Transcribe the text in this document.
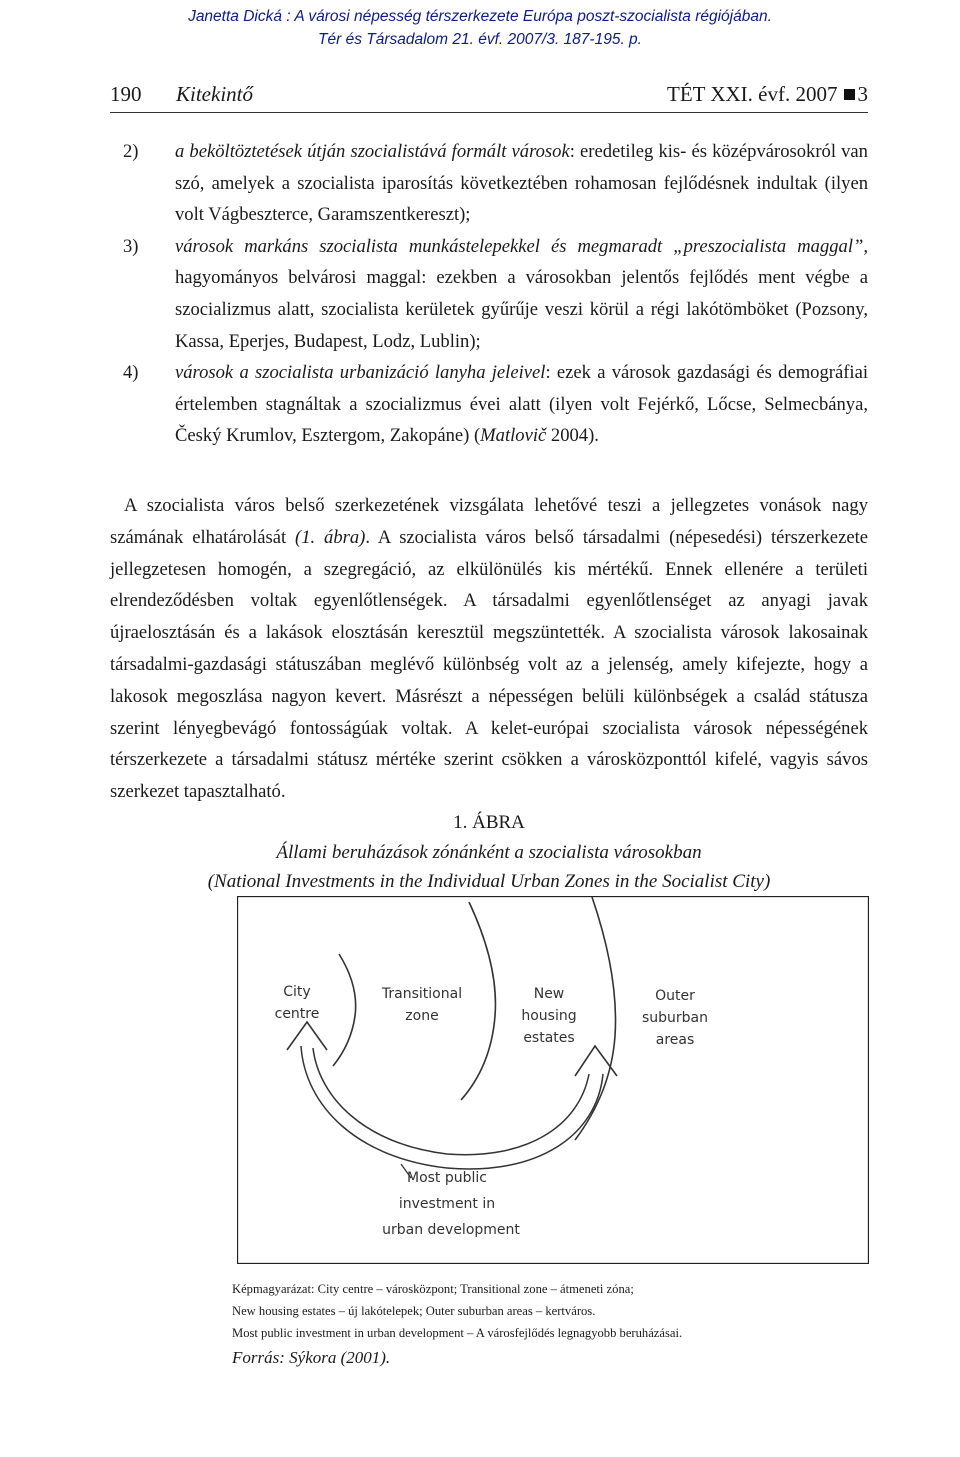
Janetta Dická : A városi népesség térszerkezete Európa poszt-szocialista régiójában.
Tér és Társadalom 21. évf. 2007/3. 187-195. p.
190 Kitekintő	TÉT XXI. évf. 2007 3
2)	a beköltöztetések útján szocialistává formált városok: eredetileg kis- és középvárosokról van szó, amelyek a szocialista iparosítás következtében rohamosan fejlődésnek indultak (ilyen volt Vágbeszterce, Garamszentkereszt);
3)	városok markáns szocialista munkástelepekkel és megmaradt „preszocialista maggal”, hagyományos belvárosi maggal: ezekben a városokban jelentős fejlődés ment végbe a szocializmus alatt, szocialista kerületek gyűrűje veszi körül a régi lakótömböket (Pozsony, Kassa, Eperjes, Budapest, Lodz, Lublin);
4)	városok a szocialista urbanizáció lanyha jeleivel: ezek a városok gazdasági és demográfiai értelemben stagnáltak a szocializmus évei alatt (ilyen volt Fejérkő, Lőcse, Selmecbánya, Český Krumlov, Esztergom, Zakopáne) (Matlovič 2004).
A szocialista város belső szerkezetének vizsgálata lehetővé teszi a jellegzetes vonások nagy számának elhatárolását (1. ábra). A szocialista város belső társadalmi (népesedési) térszerkezete jellegzetesen homogén, a szegregáció, az elkülönülés kis mértékű. Ennek ellenére a területi elrendeződésben voltak egyenlőtlenségek. A társadalmi egyenlőtlenséget az anyagi javak újraelosztásán és a lakások elosztásán keresztül megszüntették. A szocialista városok lakosainak társadalmi-gazdasági státuszában meglévő különbség volt az a jelenség, amely kifejezte, hogy a lakosok megoszlása nagyon kevert. Másrészt a népességen belüli különbségek a család státusza szerint lényegbevágó fontosságúak voltak. A kelet-európai szocialista városok népességének térszerkezete a társadalmi státusz mértéke szerint csökken a városközponttól kifelé, vagyis sávos szerkezet tapasztalható.
1. ÁBRA
Állami beruházások zónánként a szocialista városokban
(National Investments in the Individual Urban Zones in the Socialist City)
City
centre
Transitional
zone
New
housing
estates
Outer
suburban
areas
Most public
investment in
urban development
Képmagyarázat: City centre – városközpont; Transitional zone – átmeneti zóna;
New housing estates – új lakótelepek; Outer suburban areas – kertváros.
Most public investment in urban development – A városfejlődés legnagyobb beruházásai.
Forrás: Sýkora (2001).
